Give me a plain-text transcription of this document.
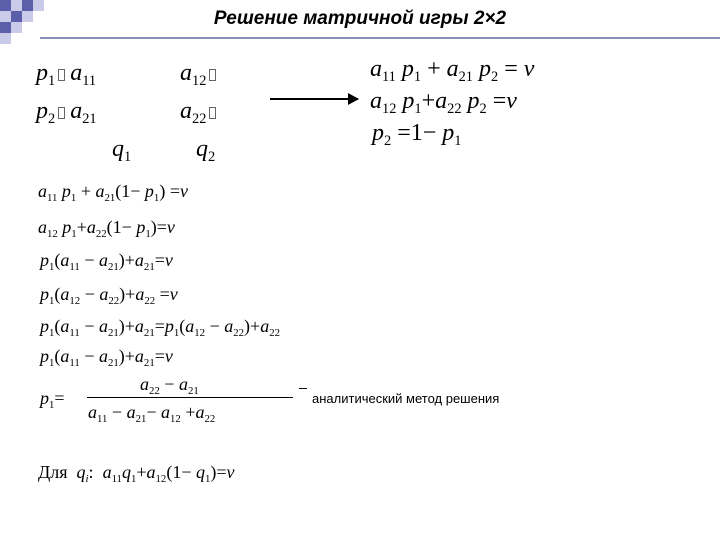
Решение матричной игры 2×2
$p_1$ $a_{11}$	$a_{12}$
$p_2$ $a_{21}$	$a_{22}$
$q_1$	$q_2$
$a_{11}$ $p_1 + a_{21}$ $p_2 = v$
$a_{12}$ $p_1+a_{22}$ $p_2 =v$
$p_2 =1- p_1$
$a_{11}$ $p_1 + a_{21}(1- p_1) =v$
$a_{12}$ $p_1+a_{22}(1- p_1)=v$
$p_1(a_{11} - a_{21})+a_{21}=v$
$p_1(a_{12} - a_{22})+a_{22} =v$
$p_1(a_{11} - a_{21})+a_{21}=p_1(a_{12} - a_{22})+a_{22}$
$p_1(a_{11} - a_{21})+a_{21}=v$
$p_1=$
$a_{22} - a_{21}$
$a_{11} - a_{21}- a_{12} +a_{22}$
аналитический метод решения
Для $q_i$:  $a_{11}q_1+a_{12}(1- q_1)=v$
